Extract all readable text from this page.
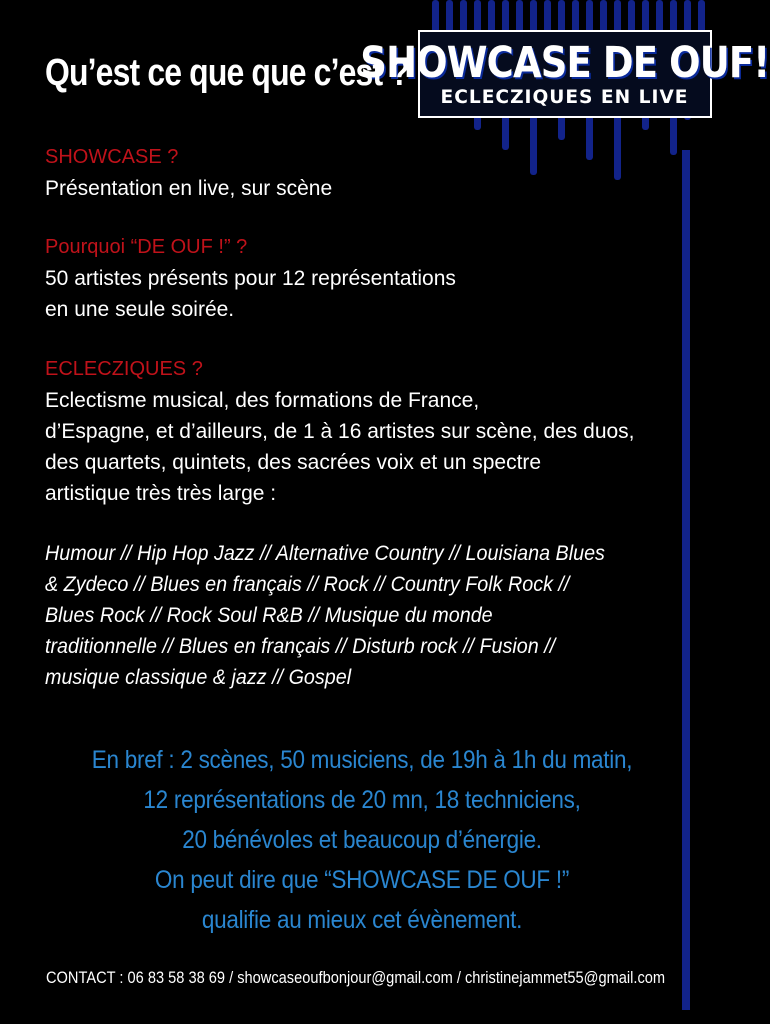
SHOWCASE DE OUF!
ECLECZIQUES EN LIVE
Qu’est ce que que c’est ?
SHOWCASE ?
Présentation en live, sur scène
Pourquoi “DE OUF !” ?
50 artistes présents pour 12 représentations
en une seule soirée.
ECLECZIQUES ?
Eclectisme musical, des formations de France,
d’Espagne, et d’ailleurs, de 1 à 16 artistes sur scène, des duos,
des quartets, quintets, des sacrées voix et un spectre
artistique très très large :
Humour // Hip Hop Jazz // Alternative Country // Louisiana Blues
& Zydeco // Blues en français // Rock // Country Folk Rock //
Blues Rock // Rock Soul R&B // Musique du monde
traditionnelle // Blues en français // Disturb rock // Fusion //
musique classique & jazz // Gospel
En bref : 2 scènes, 50 musiciens, de 19h à 1h du matin,
12 représentations de 20 mn, 18 techniciens,
20 bénévoles et beaucoup d’énergie.
On peut dire que “SHOWCASE DE OUF !”
qualifie au mieux cet évènement.
CONTACT : 06 83 58 38 69 / showcaseoufbonjour@gmail.com / christinejammet55@gmail.com
